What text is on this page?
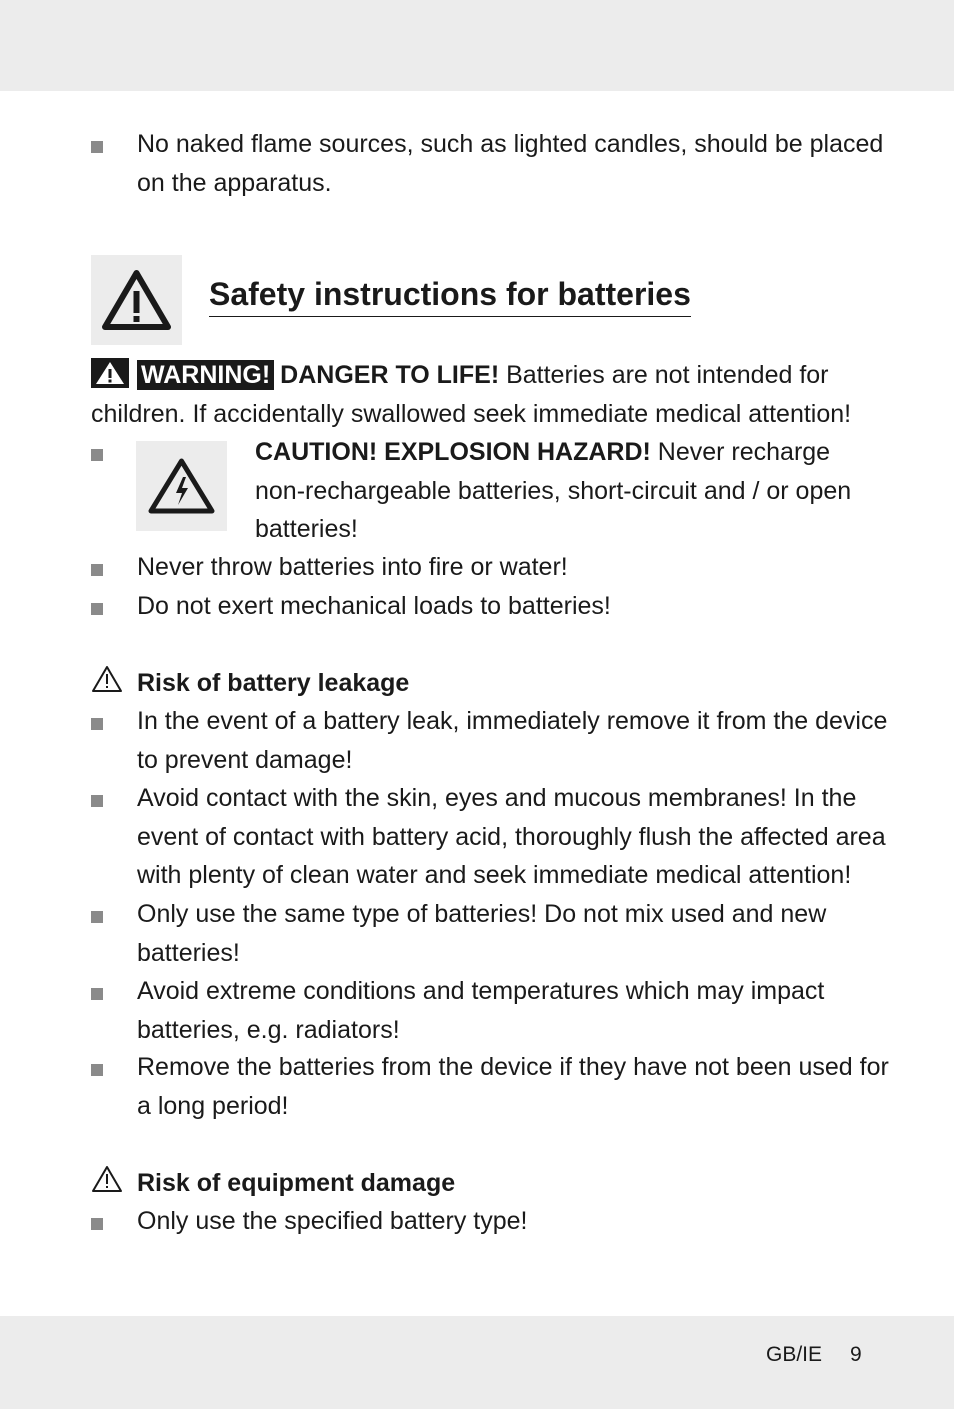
No naked flame sources, such as lighted candles, should be placed on the apparatus.
Safety instructions for batteries
WARNING! DANGER TO LIFE! Batteries are not intended for
children. If accidentally swallowed seek immediate medical attention!
CAUTION! EXPLOSION HAZARD! Never recharge
non-rechargeable batteries, short-circuit and / or open
batteries!
Never throw batteries into fire or water!
Do not exert mechanical loads to batteries!
Risk of battery leakage
In the event of a battery leak, immediately remove it from the device
to prevent damage!
Avoid contact with the skin, eyes and mucous membranes! In the
event of contact with battery acid, thoroughly flush the affected area
with plenty of clean water and seek immediate medical attention!
Only use the same type of batteries! Do not mix used and new
batteries!
Avoid extreme conditions and temperatures which may impact
batteries, e.g. radiators!
Remove the batteries from the device if they have not been used for
a long period!
Risk of equipment damage
Only use the specified battery type!
GB/IE 9
